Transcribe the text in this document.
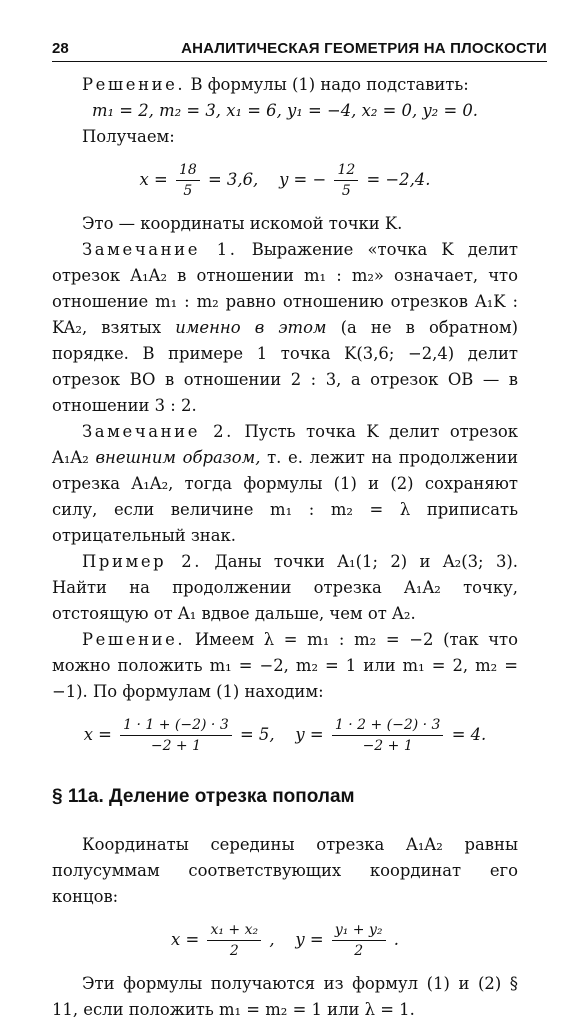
28	АНАЛИТИЧЕСКАЯ ГЕОМЕТРИЯ НА ПЛОСКОСТИ

Решение. В формулы (1) надо подставить:

m₁ = 2, m₂ = 3, x₁ = 6, y₁ = −4, x₂ = 0, y₂ = 0.

Получаем:

$x = \frac{18}{5} = 3,6$, y = − $\frac{12}{5} = -2,4$.

Это — координаты искомой точки K.

Замечание 1. Выражение «точка K делит отрезок A₁A₂ в отношении m₁ : m₂» означает, что отношение m₁ : m₂ равно отношению отрезков A₁K : KA₂, взятых именно в этом (а не в обратном) порядке. В примере 1 точка K(3,6; −2,4) делит отрезок BO в отношении 2 : 3, а отрезок OB — в отношении 3 : 2.

Замечание 2. Пусть точка K делит отрезок A₁A₂ внешним образом, т. е. лежит на продолжении отрезка A₁A₂, тогда формулы (1) и (2) сохраняют силу, если величине m₁ : m₂ = λ приписать отрицательный знак.

Пример 2. Даны точки A₁(1; 2) и A₂(3; 3). Найти на продолжении отрезка A₁A₂ точку, отстоящую от A₁ вдвое дальше, чем от A₂.

Решение. Имеем λ = m₁ : m₂ = −2 (так что можно положить m₁ = −2, m₂ = 1 или m₁ = 2, m₂ = −1). По формулам (1) находим:

$x = \frac{1 \cdot 1 + (-2) \cdot 3}{-2 + 1} = 5$, $y = \frac{1 \cdot 2 + (-2) \cdot 3}{-2 + 1} = 4$.

§ 11а. Деление отрезка пополам

Координаты середины отрезка A₁A₂ равны полусуммам соответствующих координат его концов:

$x = \frac{\text{x₁ + x₂}}{2}$ , $y = \frac{\text{y₁ + y₂}}{2}$ .

Эти формулы получаются из формул (1) и (2) § 11, если положить m₁ = m₂ = 1 или λ = 1.
